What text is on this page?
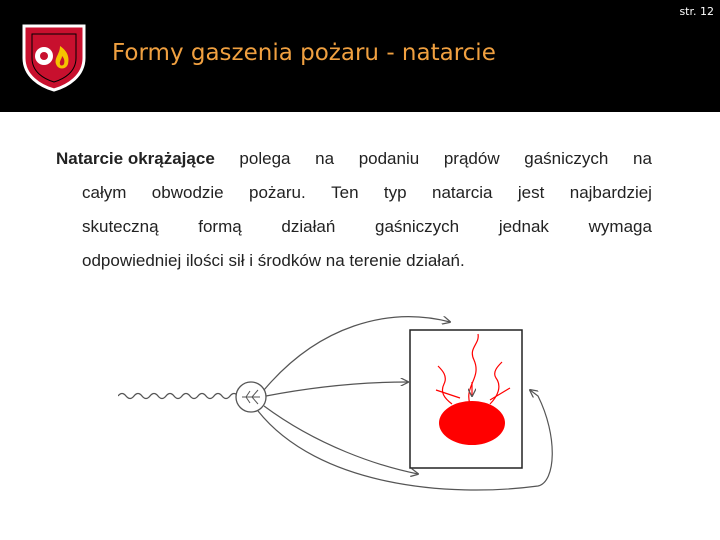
str. 12
Formy gaszenia pożaru - natarcie
Natarcie okrążające polega na podaniu prądów gaśniczych na
całym obwodzie pożaru. Ten typ natarcia jest najbardziej
skuteczną formą działań gaśniczych jednak wymaga
odpowiedniej ilości sił i środków na terenie działań.
